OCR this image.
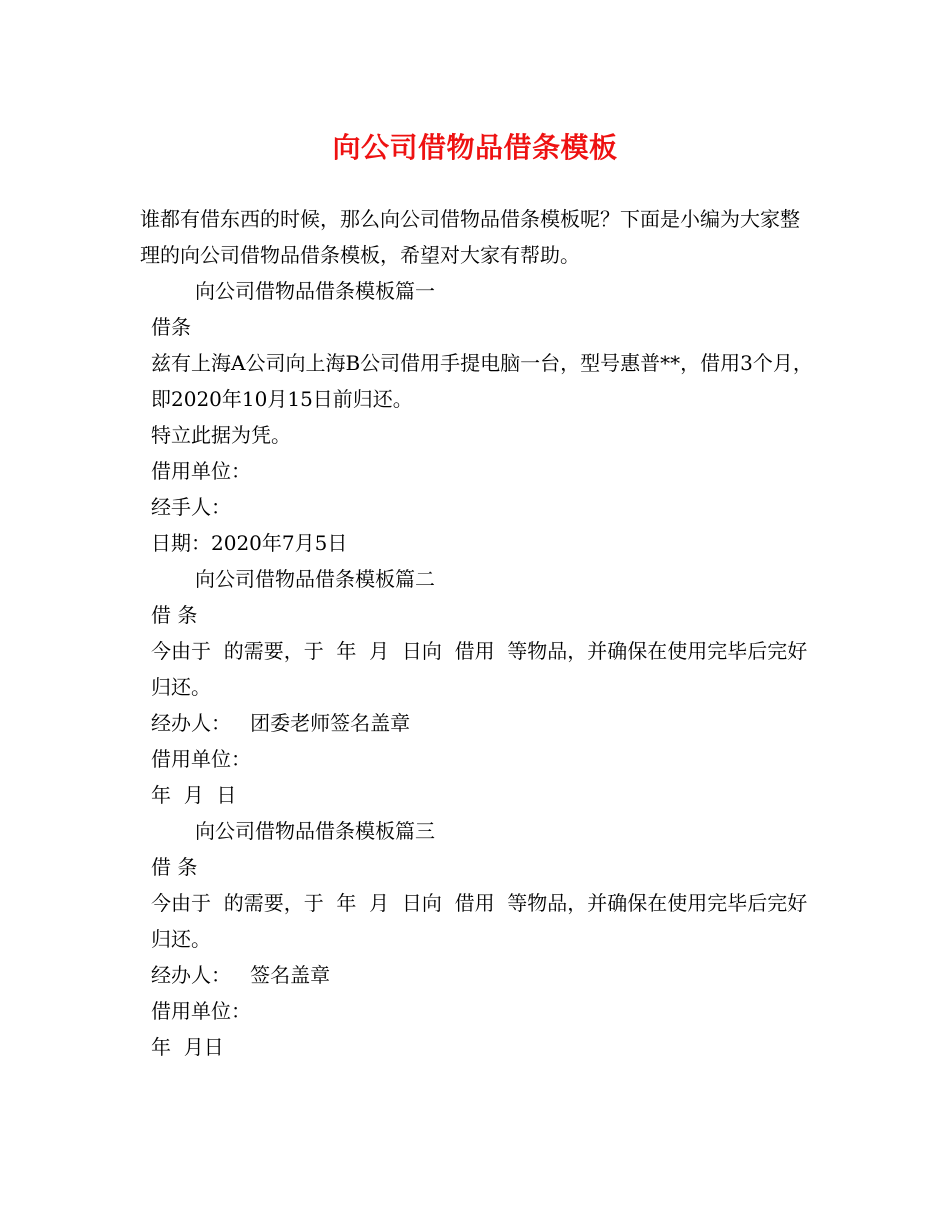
向公司借物品借条模板

谁都有借东西的时候，那么向公司借物品借条模板呢？下面是小编为大家整理的向公司借物品借条模板，希望对大家有帮助。

向公司借物品借条模板篇一

借条

兹有上海A公司向上海B公司借用手提电脑一台，型号惠普**，借用3个月，即2020年10月15日前归还。

特立此据为凭。

借用单位：

经手人：

日期：2020年7月5日

向公司借物品借条模板篇二

借 条

今由于  的需要，于  年  月  日向  借用  等物品，并确保在使用完毕后完好归还。

经办人：   团委老师签名盖章

借用单位：

年  月  日

向公司借物品借条模板篇三

借 条

今由于  的需要，于  年  月  日向  借用  等物品，并确保在使用完毕后完好归还。

经办人：   签名盖章

借用单位：

年  月日
